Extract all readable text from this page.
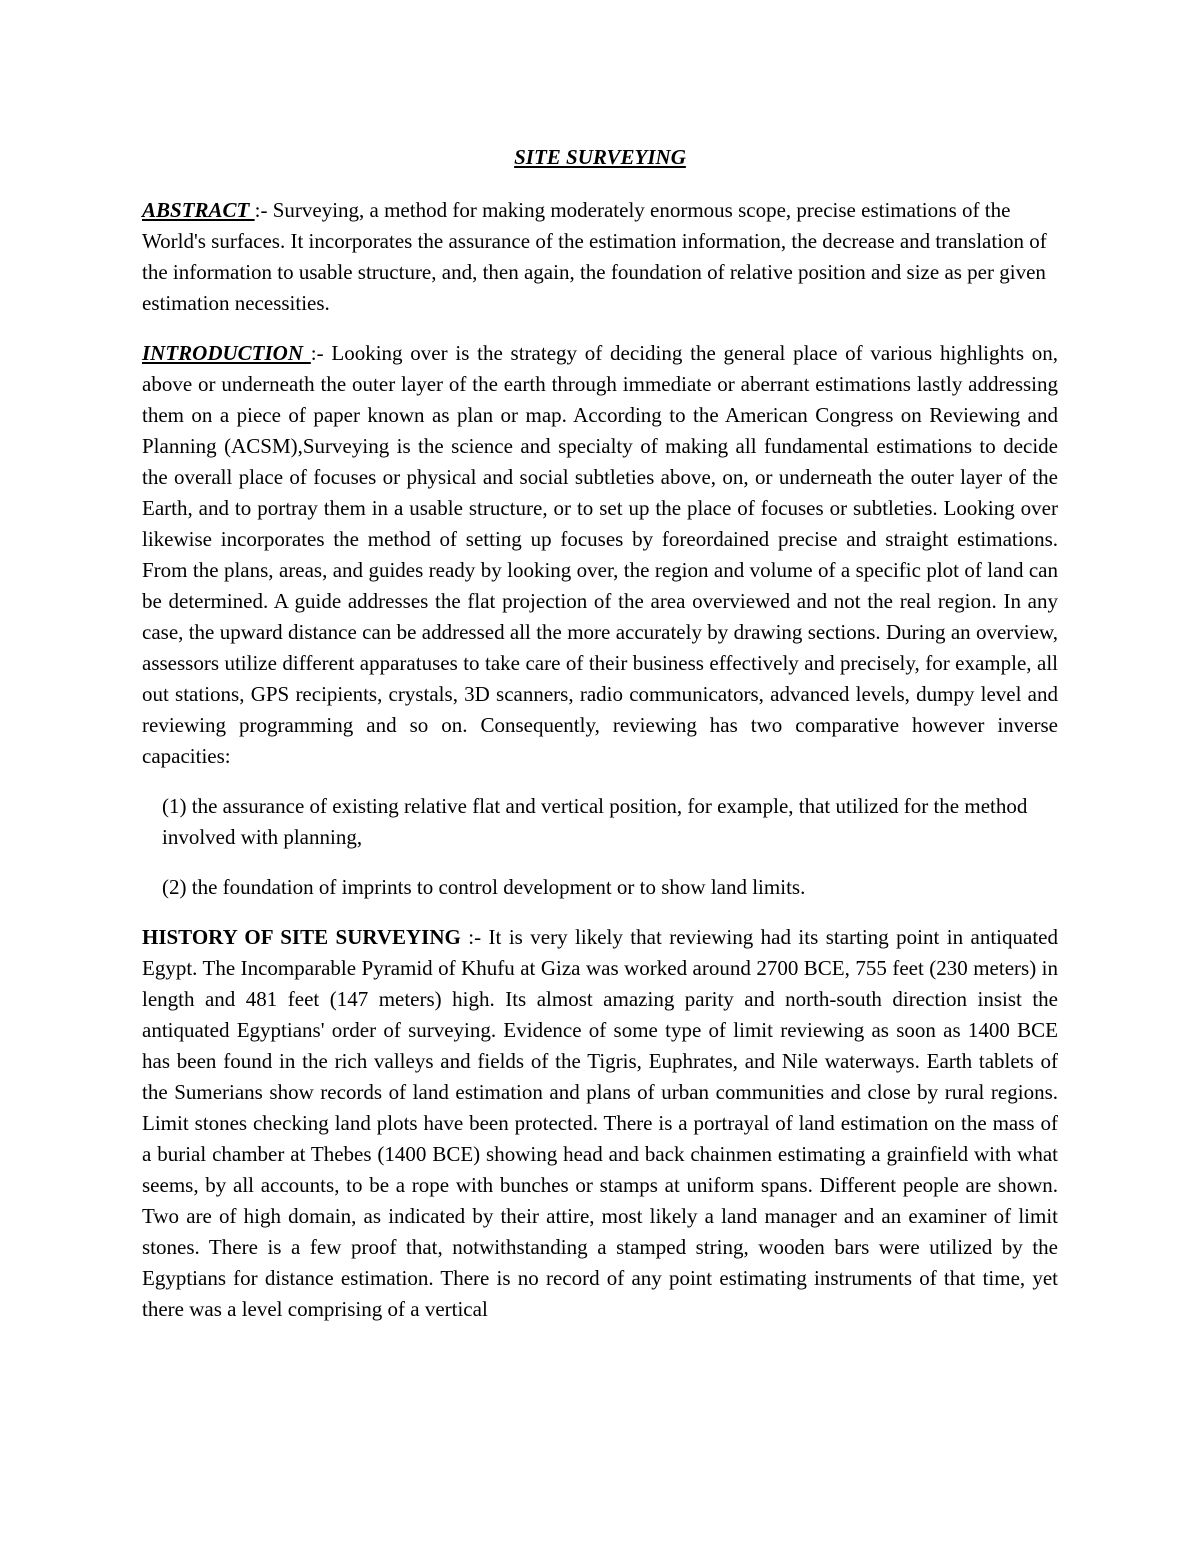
SITE SURVEYING

ABSTRACT :- Surveying, a method for making moderately enormous scope, precise estimations of the World's surfaces. It incorporates the assurance of the estimation information, the decrease and translation of the information to usable structure, and, then again, the foundation of relative position and size as per given estimation necessities.

INTRODUCTION :- Looking over is the strategy of deciding the general place of various highlights on, above or underneath the outer layer of the earth through immediate or aberrant estimations lastly addressing them on a piece of paper known as plan or map. According to the American Congress on Reviewing and Planning (ACSM),Surveying is the science and specialty of making all fundamental estimations to decide the overall place of focuses or physical and social subtleties above, on, or underneath the outer layer of the Earth, and to portray them in a usable structure, or to set up the place of focuses or subtleties. Looking over likewise incorporates the method of setting up focuses by foreordained precise and straight estimations. From the plans, areas, and guides ready by looking over, the region and volume of a specific plot of land can be determined. A guide addresses the flat projection of the area overviewed and not the real region. In any case, the upward distance can be addressed all the more accurately by drawing sections. During an overview, assessors utilize different apparatuses to take care of their business effectively and precisely, for example, all out stations, GPS recipients, crystals, 3D scanners, radio communicators, advanced levels, dumpy level and reviewing programming and so on. Consequently, reviewing has two comparative however inverse capacities:

(1) the assurance of existing relative flat and vertical position, for example, that utilized for the method involved with planning,

(2) the foundation of imprints to control development or to show land limits.

HISTORY OF SITE SURVEYING :- It is very likely that reviewing had its starting point in antiquated Egypt. The Incomparable Pyramid of Khufu at Giza was worked around 2700 BCE, 755 feet (230 meters) in length and 481 feet (147 meters) high. Its almost amazing parity and north-south direction insist the antiquated Egyptians' order of surveying. Evidence of some type of limit reviewing as soon as 1400 BCE has been found in the rich valleys and fields of the Tigris, Euphrates, and Nile waterways. Earth tablets of the Sumerians show records of land estimation and plans of urban communities and close by rural regions. Limit stones checking land plots have been protected. There is a portrayal of land estimation on the mass of a burial chamber at Thebes (1400 BCE) showing head and back chainmen estimating a grainfield with what seems, by all accounts, to be a rope with bunches or stamps at uniform spans. Different people are shown. Two are of high domain, as indicated by their attire, most likely a land manager and an examiner of limit stones. There is a few proof that, notwithstanding a stamped string, wooden bars were utilized by the Egyptians for distance estimation. There is no record of any point estimating instruments of that time, yet there was a level comprising of a vertical
